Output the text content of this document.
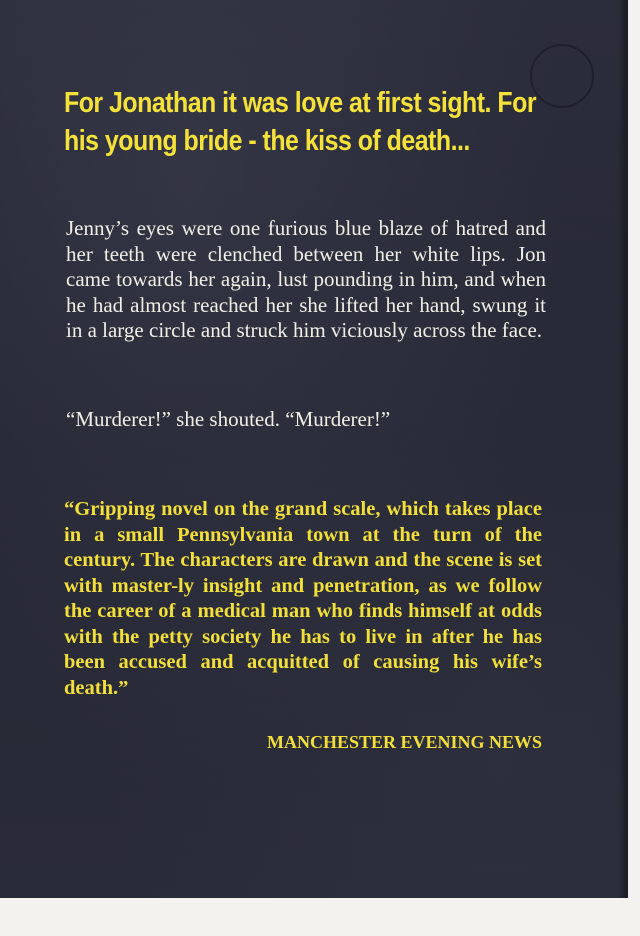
For Jonathan it was love at first sight. For his young bride - the kiss of death...

Jenny’s eyes were one furious blue blaze of hatred and her teeth were clenched between her white lips. Jon came towards her again, lust pounding in him, and when he had almost reached her she lifted her hand, swung it in a large circle and struck him viciously across the face.

“Murderer!” she shouted. “Murderer!”

“Gripping novel on the grand scale, which takes place in a small Pennsylvania town at the turn of the century. The characters are drawn and the scene is set with master-ly insight and penetration, as we follow the career of a medical man who finds himself at odds with the petty society he has to live in after he has been accused and acquitted of causing his wife’s death.”

MANCHESTER EVENING NEWS
